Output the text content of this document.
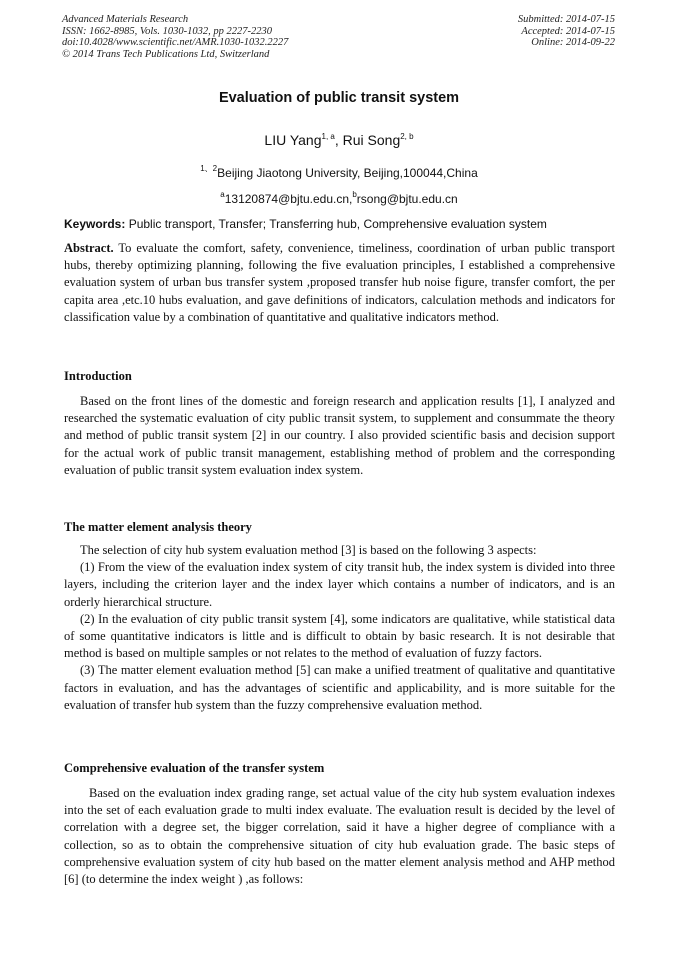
Advanced Materials Research
ISSN: 1662-8985, Vols. 1030-1032, pp 2227-2230
doi:10.4028/www.scientific.net/AMR.1030-1032.2227
© 2014 Trans Tech Publications Ltd, Switzerland
Submitted: 2014-07-15
Accepted: 2014-07-15
Online: 2014-09-22
Evaluation of public transit system
LIU Yang$^{1, a}$, Rui Song$^{2, b}$
$^{1、2}$Beijing Jiaotong University, Beijing,100044,China
$^a$13120874@bjtu.edu.cn,$^b$rsong@bjtu.edu.cn
Keywords: Public transport, Transfer; Transferring hub, Comprehensive evaluation system

Abstract. To evaluate the comfort, safety, convenience, timeliness, coordination of urban public transport hubs, thereby optimizing planning, following the five evaluation principles, I established a comprehensive evaluation system of urban bus transfer system ,proposed transfer hub noise figure, transfer comfort, the per capita area ,etc.10 hubs evaluation, and gave definitions of indicators, calculation methods and indicators for classification value by a combination of quantitative and qualitative indicators method.

Introduction

Based on the front lines of the domestic and foreign research and application results [1], I analyzed and researched the systematic evaluation of city public transit system, to supplement and consummate the theory and method of public transit system [2] in our country. I also provided scientific basis and decision support for the actual work of public transit management, establishing method of problem and the corresponding evaluation of public transit system evaluation index system.

The matter element analysis theory

The selection of city hub system evaluation method [3] is based on the following 3 aspects:

(1) From the view of the evaluation index system of city transit hub, the index system is divided into three layers, including the criterion layer and the index layer which contains a number of indicators, and is an orderly hierarchical structure.

(2) In the evaluation of city public transit system [4], some indicators are qualitative, while statistical data of some quantitative indicators is little and is difficult to obtain by basic research. It is not desirable that method is based on multiple samples or not relates to the method of evaluation of fuzzy factors.

(3) The matter element evaluation method [5] can make a unified treatment of qualitative and quantitative factors in evaluation, and has the advantages of scientific and applicability, and is more suitable for the evaluation of transfer hub system than the fuzzy comprehensive evaluation method.

Comprehensive evaluation of the transfer system

Based on the evaluation index grading range, set actual value of the city hub system evaluation indexes into the set of each evaluation grade to multi index evaluate. The evaluation result is decided by the level of correlation with a degree set, the bigger correlation, said it have a higher degree of compliance with a collection, so as to obtain the comprehensive situation of city hub evaluation grade. The basic steps of comprehensive evaluation system of city hub based on the matter element analysis method and AHP method [6] (to determine the index weight ) ,as follows:
